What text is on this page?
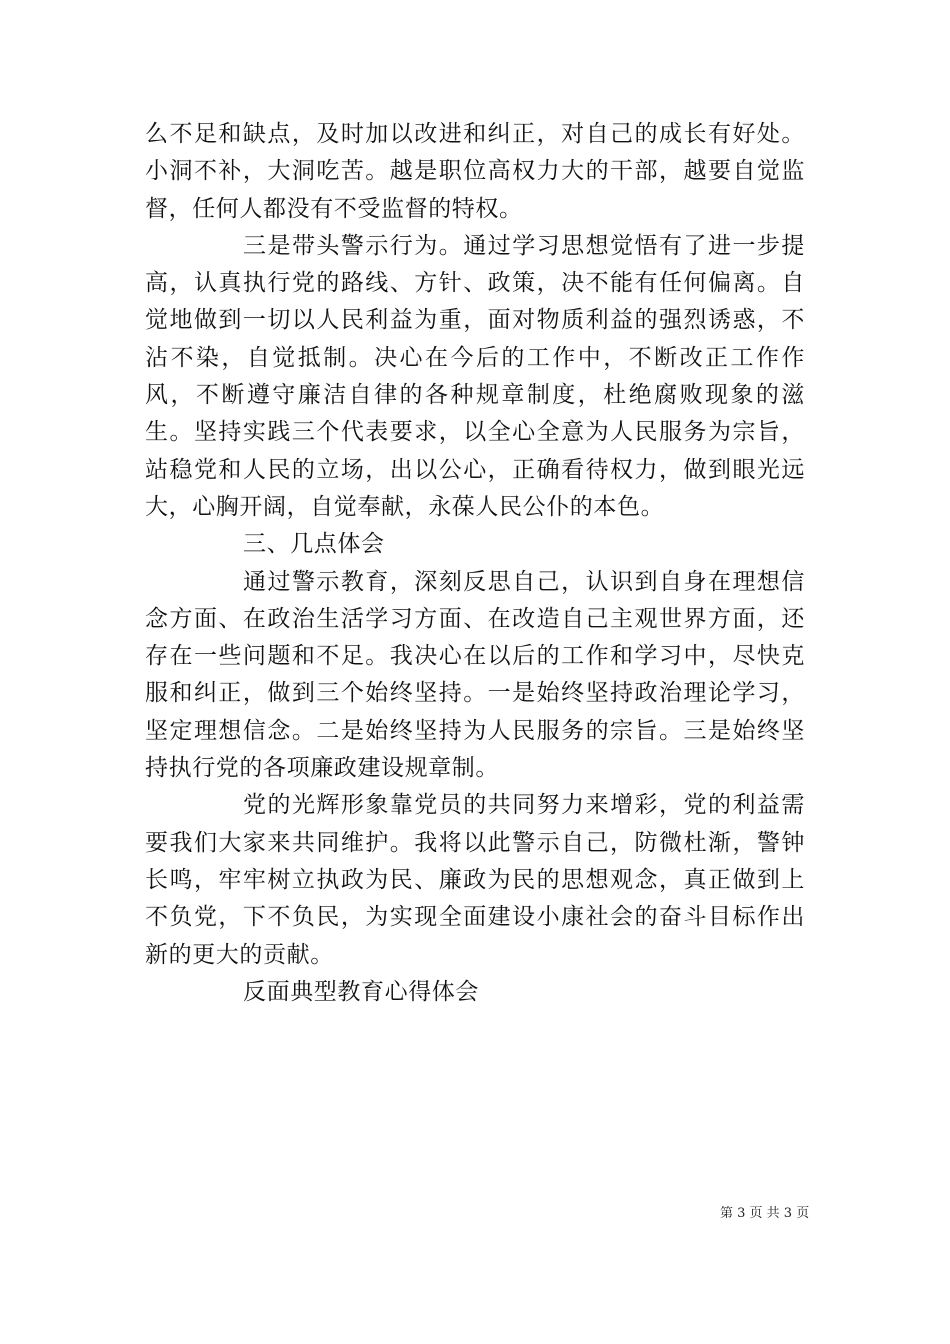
么不足和缺点，及时加以改进和纠正，对自己的成长有好处。小洞不补，大洞吃苦。越是职位高权力大的干部，越要自觉监督，任何人都没有不受监督的特权。

三是带头警示行为。通过学习思想觉悟有了进一步提高，认真执行党的路线、方针、政策，决不能有任何偏离。自觉地做到一切以人民利益为重，面对物质利益的强烈诱惑，不沾不染，自觉抵制。决心在今后的工作中，不断改正工作作风，不断遵守廉洁自律的各种规章制度，杜绝腐败现象的滋生。坚持实践三个代表要求，以全心全意为人民服务为宗旨，站稳党和人民的立场，出以公心，正确看待权力，做到眼光远大，心胸开阔，自觉奉献，永葆人民公仆的本色。

三、几点体会

通过警示教育，深刻反思自己，认识到自身在理想信念方面、在政治生活学习方面、在改造自己主观世界方面，还存在一些问题和不足。我决心在以后的工作和学习中，尽快克服和纠正，做到三个始终坚持。一是始终坚持政治理论学习，坚定理想信念。二是始终坚持为人民服务的宗旨。三是始终坚持执行党的各项廉政建设规章制。

党的光辉形象靠党员的共同努力来增彩，党的利益需要我们大家来共同维护。我将以此警示自己，防微杜渐，警钟长鸣，牢牢树立执政为民、廉政为民的思想观念，真正做到上不负党，下不负民，为实现全面建设小康社会的奋斗目标作出新的更大的贡献。

反面典型教育心得体会

第 3 页 共 3 页
